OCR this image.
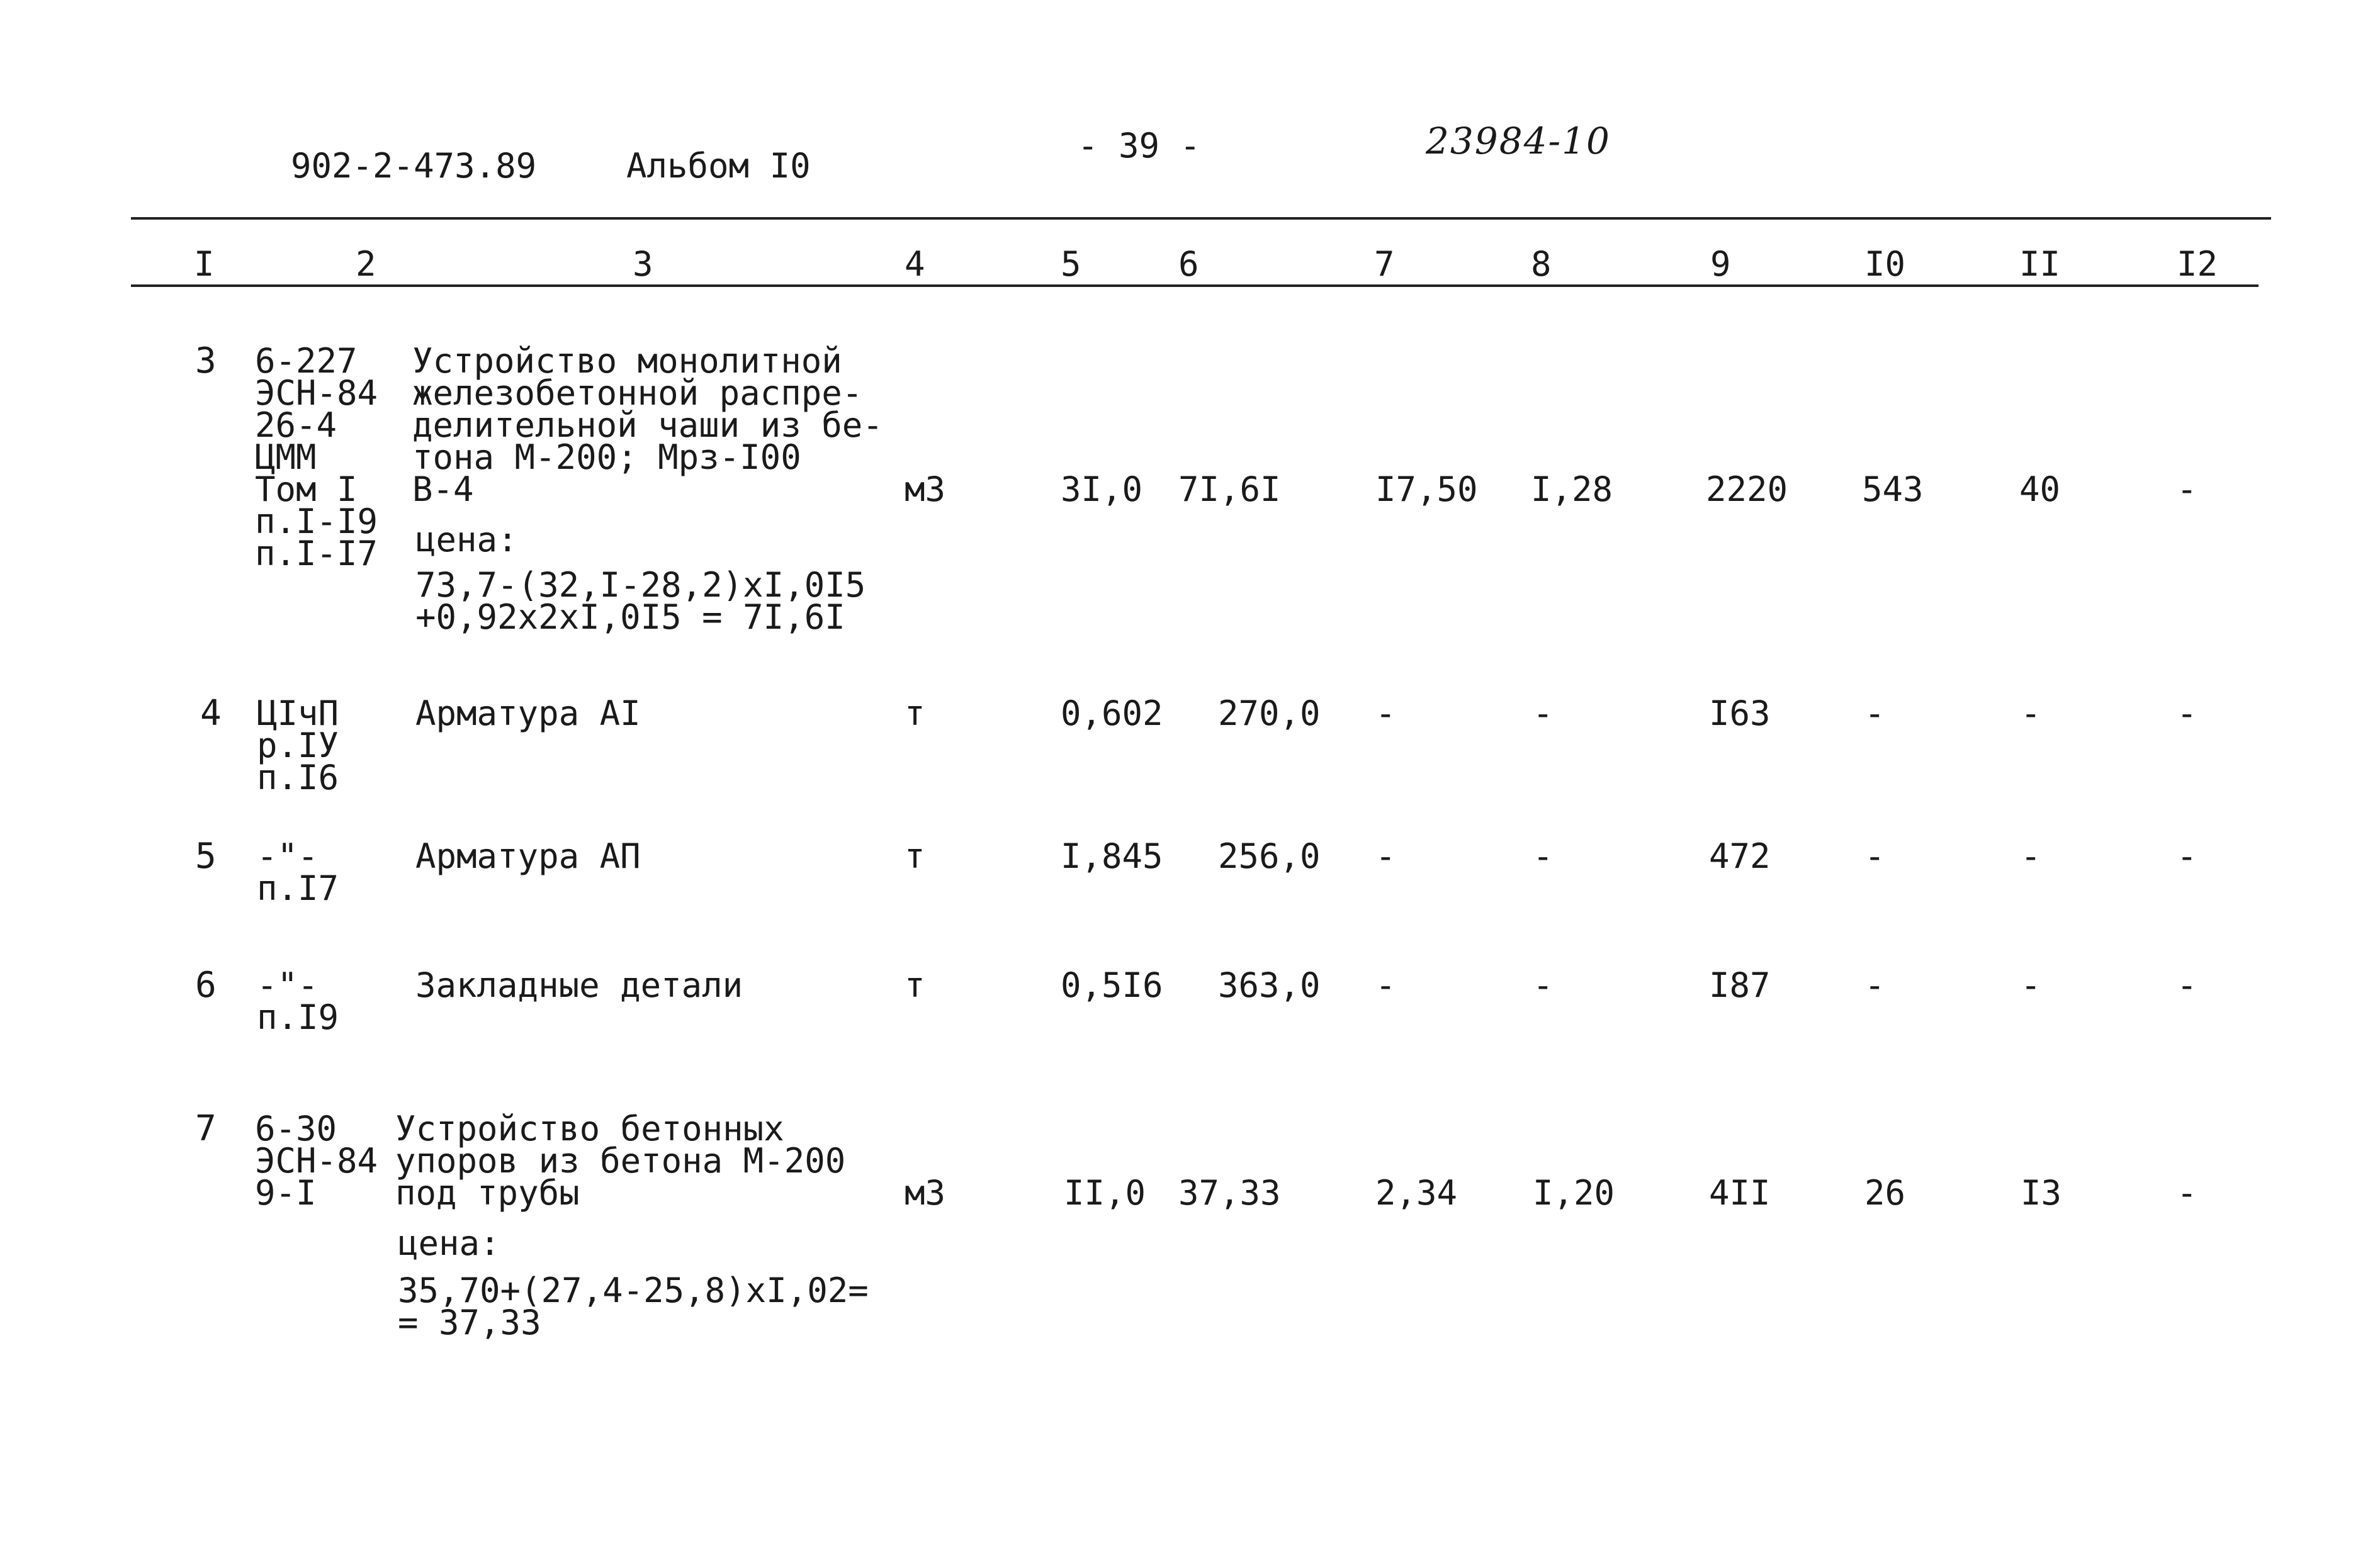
902-2-473.89	Альбом I0
- 39 -	23984-10
I	2	3	4	5	6	7	8	9	I0	II	I2
3 6-227
ЭСН-84
26-4
ЦММ
Том I
п.I-I9
п.I-I7
Устройство монолитной
железобетонной распре-
делительной чаши из бе-
тона М-200; Мрз-I00
В-4
цена:
73,7-(32,I-28,2)хI,0I5
+0,92х2хI,0I5 = 7I,6I
м3	3I,0 7I,6I	I7,50 I,28	2220 543	40	-
4 ЦIчП
р.IУ
п.I6
Арматура АI	т	0,602 270,0 -	-	I63	-	-	-
5 -"-
п.I7
Арматура АП	т	I,845 256,0 -	-	472	-	-	-
6 -"-
п.I9
Закладные детали	т	0,5I6 363,0 -	-	I87	-	-	-
7 6-30
ЭСН-84
9-I
Устройство бетонных
упоров из бетона М-200
под трубы
цена:
35,70+(27,4-25,8)хI,02=
= 37,33
м3	II,0 37,33	2,34 I,20	4II	26	I3	-
